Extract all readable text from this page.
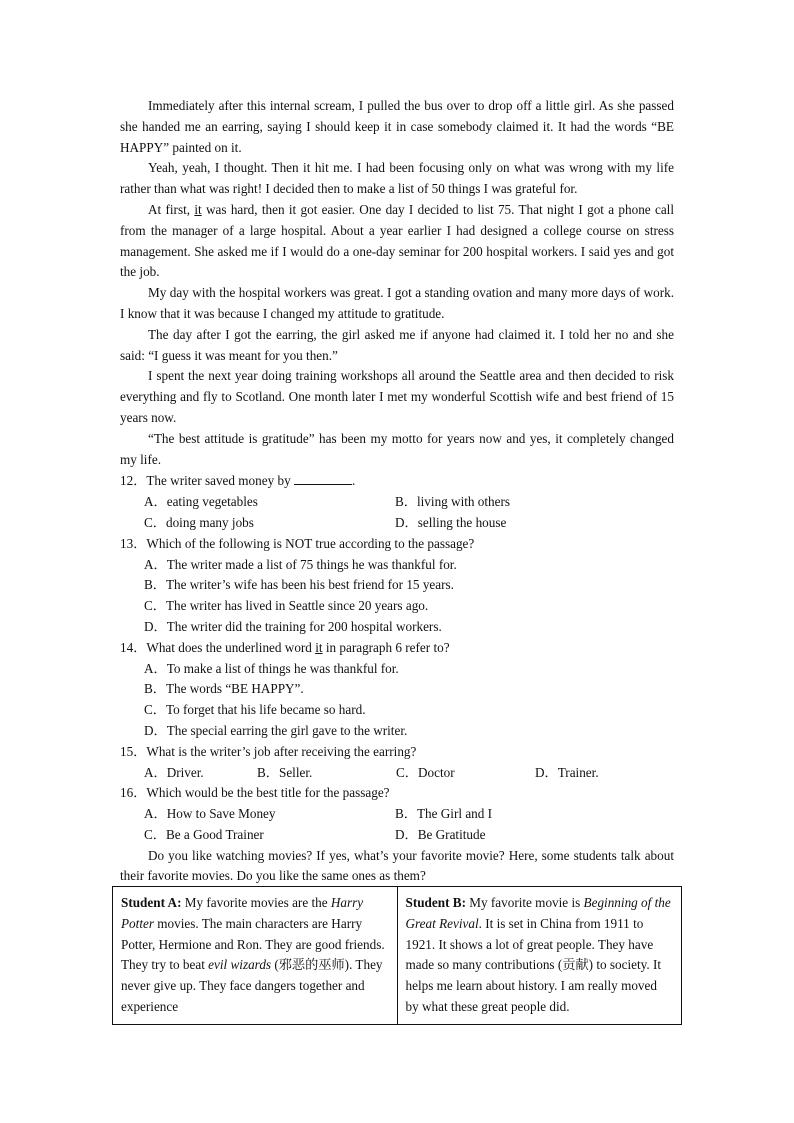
Immediately after this internal scream, I pulled the bus over to drop off a little girl. As she passed she handed me an earring, saying I should keep it in case somebody claimed it. It had the words “BE HAPPY” painted on it.

Yeah, yeah, I thought. Then it hit me. I had been focusing only on what was wrong with my life rather than what was right! I decided then to make a list of 50 things I was grateful for.

At first, it was hard, then it got easier. One day I decided to list 75. That night I got a phone call from the manager of a large hospital. About a year earlier I had designed a college course on stress management. She asked me if I would do a one-day seminar for 200 hospital workers. I said yes and got the job.

My day with the hospital workers was great. I got a standing ovation and many more days of work. I know that it was because I changed my attitude to gratitude.

The day after I got the earring, the girl asked me if anyone had claimed it. I told her no and she said: “I guess it was meant for you then.”

I spent the next year doing training workshops all around the Seattle area and then decided to risk everything and fly to Scotland. One month later I met my wonderful Scottish wife and best friend of 15 years now.

“The best attitude is gratitude” has been my motto for years now and yes, it completely changed my life.

12．The writer saved money by	.

A．eating vegetables	B．living with others

C．doing many jobs	D．selling the house

13．Which of the following is NOT true according to the passage?

A．The writer made a list of 75 things he was thankful for.

B．The writer’s wife has been his best friend for 15 years.

C．The writer has lived in Seattle since 20 years ago.

D．The writer did the training for 200 hospital workers.

14．What does the underlined word it in paragraph 6 refer to?

A．To make a list of things he was thankful for.

B．The words “BE HAPPY”.

C．To forget that his life became so hard.

D．The special earring the girl gave to the writer.

15．What is the writer’s job after receiving the earring?

A．Driver.	B．Seller.	C．Doctor	D．Trainer.

16．Which would be the best title for the passage?

A．How to Save Money	B．The Girl and I

C．Be a Good Trainer	D．Be Gratitude

Do you like watching movies? If yes, what’s your favorite movie? Here, some students talk about their favorite movies. Do you like the same ones as them?

Student A: My favorite movies are the Harry Potter movies. The main characters are Harry Potter, Hermione and Ron. They are good friends. They try to beat evil wizards (邪恶的巫师). They never give up. They face dangers together and experience	Student B: My favorite movie is Beginning of the Great Revival. It is set in China from 1911 to 1921. It shows a lot of great people. They have made so many contributions (贡献) to society. It helps me learn about history. I am really moved by what these great people did.
